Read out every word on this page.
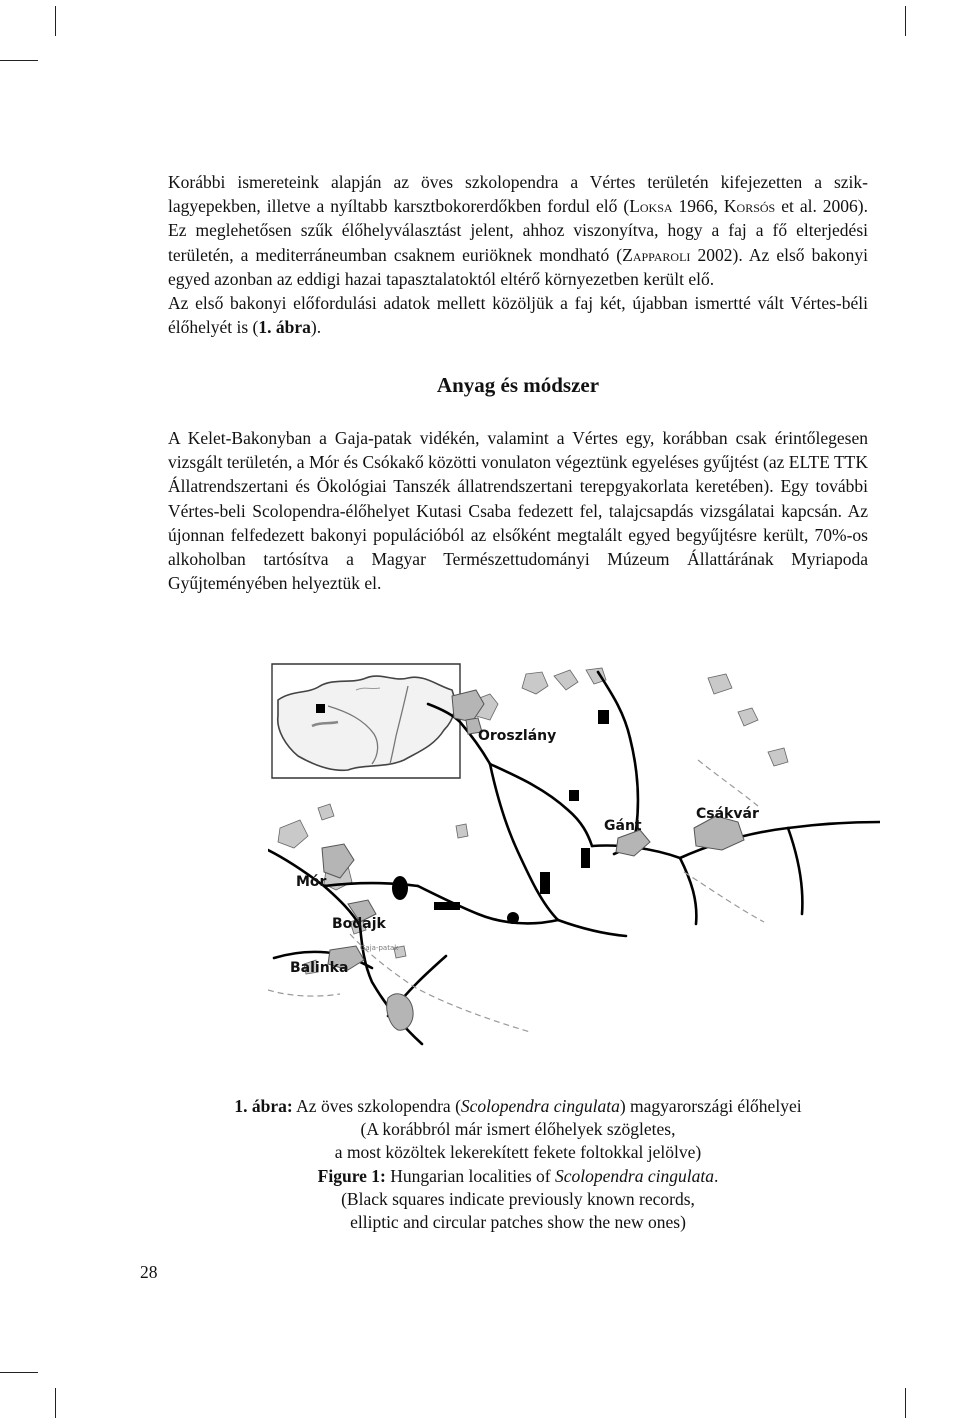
Korábbi ismereteink alapján az öves szkolopendra a Vértes területén kifejezetten a sziklagyepekben, illetve a nyíltabb karsztbokorerdőkben fordul elő (Loksa 1966, Korsós et al. 2006). Ez meglehetősen szűk élőhelyválasztást jelent, ahhoz viszonyítva, hogy a faj a fő elterjedési területén, a mediterráneumban csaknem euriöknek mondható (Zapparoli 2002). Az első bakonyi egyed azonban az eddigi hazai tapasztalatoktól eltérő környezetben került elő.

Az első bakonyi előfordulási adatok mellett közöljük a faj két, újabban ismertté vált Vértes-béli élőhelyét is (1. ábra).

Anyag és módszer

A Kelet-Bakonyban a Gaja-patak vidékén, valamint a Vértes egy, korábban csak érintőlegesen vizsgált területén, a Mór és Csókakő közötti vonulaton végeztünk egyeléses gyűjtést (az ELTE TTK Állatrendszertani és Ökológiai Tanszék állatrendszertani terepgyakorlata keretében). Egy további Vértes-beli Scolopendra-élőhelyet Kutasi Csaba fedezett fel, talajcsapdás vizsgálatai kapcsán. Az újonnan felfedezett bakonyi populációból az elsőként megtalált egyed begyűjtésre került, 70%-os alkoholban tartósítva a Magyar Természettudományi Múzeum Állattárának Myriapoda Gyűjteményében helyeztük el.

Oroszlány
Gánt
Csákvár
Mór
Bodajk
Balinka
Gaja-patak
1. ábra: Az öves szkolopendra (Scolopendra cingulata) magyarországi élőhelyei
(A korábbról már ismert élőhelyek szögletes,
a most közöltek lekerekített fekete foltokkal jelölve)
Figure 1: Hungarian localities of Scolopendra cingulata.
(Black squares indicate previously known records,
elliptic and circular patches show the new ones)
28
